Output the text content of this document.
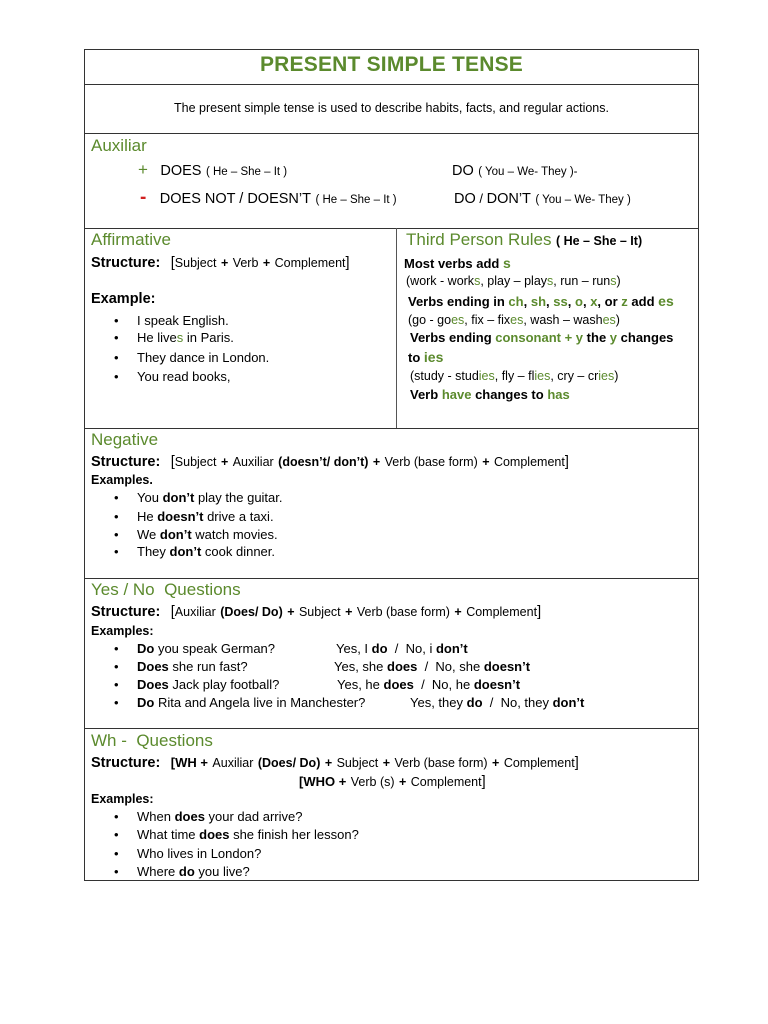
PRESENT SIMPLE TENSE
The present simple tense is used to describe habits, facts, and regular actions.
Auxiliar
+ DOES ( He – She – It )	DO ( You – We- They )-
- DOES NOT / DOESN’T ( He – She – It )	DO / DON’T ( You – We- They )
Affirmative
Structure: [Subject + Verb + Complement]
Example:
• I speak English.
• He lives in Paris.
• They dance in London.
• You read books,
Third Person Rules ( He – She – It)
Most verbs add s
(work - works, play – plays, run – runs)
Verbs ending in ch, sh, ss, o, x, or z add es
(go - goes, fix – fixes, wash – washes)
Verbs ending consonant + y the y changes
to ies
(study - studies, fly – flies, cry – cries)
Verb have changes to has
Negative
Structure: [Subject + Auxiliar (doesn’t/ don’t) + Verb (base form) + Complement]
Examples.
• You don’t play the guitar.
• He doesn’t drive a taxi.
• We don’t watch movies.
• They don’t cook dinner.
Yes / No  Questions
Structure: [Auxiliar (Does/ Do) + Subject + Verb (base form) + Complement]
Examples:
• Do you speak German?	Yes, I do  /  No, i don’t
• Does she run fast?	Yes, she does  /  No, she doesn’t
• Does Jack play football?	Yes, he does  /  No, he doesn’t
• Do Rita and Angela live in Manchester?	Yes, they do  /  No, they don’t
Wh -  Questions
Structure: [WH + Auxiliar (Does/ Do) + Subject + Verb (base form) + Complement]
[WHO + Verb (s) + Complement]
Examples:
• When does your dad arrive?
• What time does she finish her lesson?
• Who lives in London?
• Where do you live?
